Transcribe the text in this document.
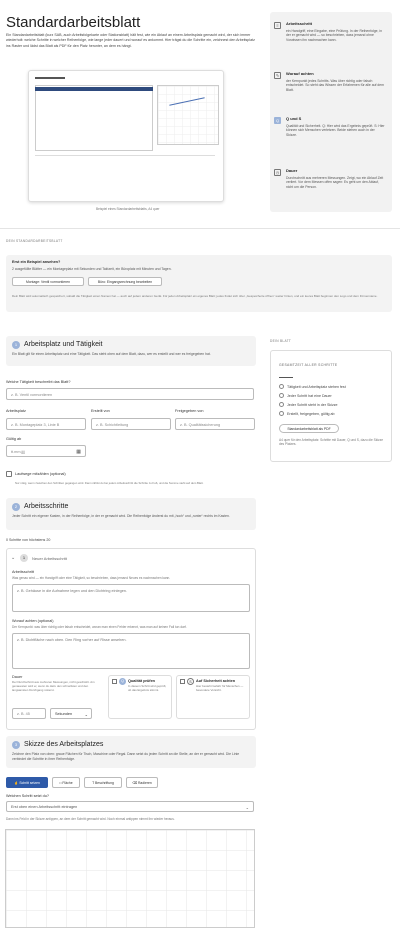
Standardarbeitsblatt
Ein Standardarbeitsblatt (kurz SAB, auch Arbeitsfolgekarte oder Stationsblatt) hält fest, wie ein Ablauf an einem Arbeitsplatz gemacht wird, der sich immer wiederholt: welche Schritte in welcher Reihenfolge, wie lange jeder dauert und worauf es ankommt. Hier trägst du die Schritte ein, zeichnest den Arbeitsplatz ins Raster und lädst das Blatt als PDF für den Platz herunter, an dem es hängt.
Beispiel eines Standardarbeitsblatts, A4 quer
≡	Arbeitsschritt
ein Handgriff, eine Eingabe, eine Prüfung. In der Reihenfolge, in der er gemacht wird — so beschrieben, dass jemand ohne Vorwissen ihn nachmachen kann.
✎	Worauf achten
der Kernpunkt jedes Schritts. Was über richtig oder falsch entscheidet. So steht das Wissen der Erfahrenen für alle auf dem Blatt.
Q	Q und S
Qualität und Sicherheit. Q: Hier wird das Ergebnis geprüft. S: Hier können sich Menschen verletzen. Beide stehen auch in der Skizze.
◷	Dauer
Durchschnitt aus mehreren Messungen. Zeigt, wo ein Ablauf Zeit verliert. Vor dem Messen offen sagen: Es geht um den Ablauf, nicht um die Person.
DEIN STANDARDARBEITSBLATT
Erst ein Beispiel ansehen?
2 ausgefüllte Blätter — ein Montageplatz mit Sekunden und Taktzeit, ein Büroplatz mit Minuten und Tagen.
Montage: Ventil vormontieren	Büro: Eingangsrechnung bearbeiten
Dein Blatt wird automatisch gespeichert, sobald die Tätigkeit einen Namen hat — auch auf jedem anderen Gerät. Für jeden Arbeitsplatz ein eigenes Blatt; jedes findet sich über „Gespeicherte öffnen“ weiter hinten, und ein leeres Blatt beginnen den Logo und dem Firmenname.
1 Arbeitsplatz und Tätigkeit
Ein Blatt gilt für einen Arbeitsplatz und eine Tätigkeit. Das steht oben auf dem Blatt, dazu, wer es erstellt und wer es freigegeben hat.
Welche Tätigkeit beschreibt das Blatt?
z. B. Ventil vormontieren
Arbeitsplatz	Erstellt von	Freigegeben von
z. B. Montageplatz 3, Linie B	z. B. Schichtleitung	z. B. Qualitätssicherung
Gültig ab
tt.mm.jjjj	▦
Laufwege mitzählen (optional)
Nur nötig, wenn zwischen den Schritten gegangen wird. Dann zählst du bei jedem Arbeitsschritt die Schritte zu Fuß, und die Summe steht auf dem Blatt.
2 Arbeitsschritte
Jeder Schritt ein eigener Kasten, in der Reihenfolge, in der er gemacht wird. Die Reihenfolge änderst du mit „hoch“ und „runter“ rechts im Kasten.
0 Schritte von höchstens 20
⌄	1	Neuer Arbeitsschritt
Arbeitsschritt
Was genau wird — ein Handgriff oder eine Tätigkeit, so beschrieben, dass jemand Neues es nachmachen kann.
z. B. Gehäuse in die Aufnahme legen und den Dichtring einlegen.
Worauf achten (optional)
Der Kernpunkt: was über richtig oder falsch entscheidet, woran man einen Fehler erkennt, was man auf keinen Fall tun darf.
z. B. Dichtfläche nach oben. Den Ring vorher auf Risse ansehen.
Dauer
Der Durchschnitt aus mehreren Messungen, nicht geschätzt. Am genauesten wird er, wenn du dazu den schnellsten und den langsamsten Durchgang notierst.
z. B. 45	Sekunden	⌄
Q	Qualität prüfen
In diesem Schritt wird geprüft, ob das Ergebnis stimmt.
S	Auf Sicherheit achten
Hier besteht Gefahr für Menschen — besondere Vorsicht.
3 Skizze des Arbeitsplatzes
Zeichne den Platz von oben: graue Flächen für Tisch, Maschine oder Regal. Dann setzt du jeden Schritt an die Stelle, an der er gemacht wird. Die Linie verbindet die Schritte in ihrer Reihenfolge.
☝ Schritt setzen	□ Fläche	T Beschriftung	⌫ Radieren
Welchen Schritt setzt du?
Erst oben einen Arbeitsschritt eintragen	⌄
Dann ins Feld in der Skizze antippen, an dem der Schritt gemacht wird. Noch einmal antippen nimmt ihn wieder heraus.
DEIN BLATT
GESAMTZEIT ALLER SCHRITTE
Tätigkeit und Arbeitsplatz stehen fest
Jeder Schritt hat eine Dauer
Jeder Schritt steht in der Skizze
Erstellt, freigegeben, gültig ab
Standardarbeitsblatt als PDF
A4 quer für den Arbeitsplatz: Schritte mit Dauer, Q und S, dazu die Skizze des Platzes.
